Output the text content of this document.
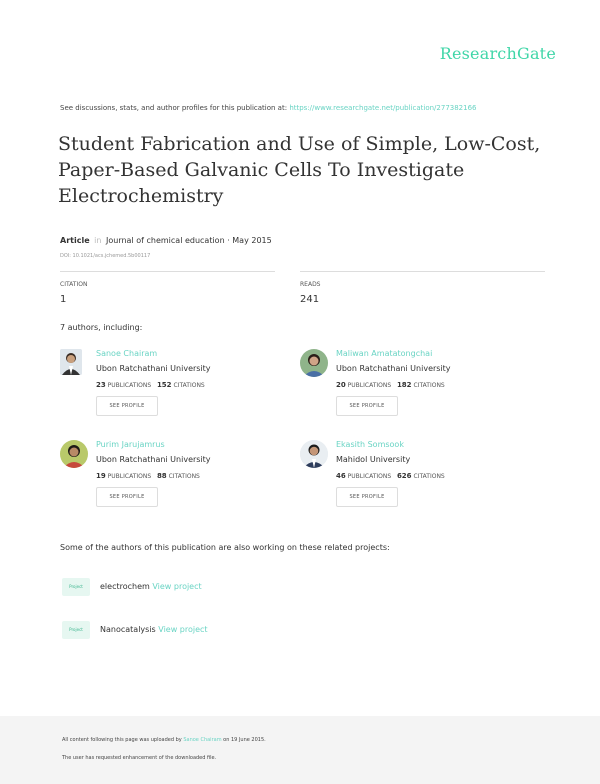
ResearchGate
See discussions, stats, and author profiles for this publication at: https://www.researchgate.net/publication/277382166
Student Fabrication and Use of Simple, Low-Cost, Paper-Based Galvanic Cells To Investigate Electrochemistry
Article in Journal of chemical education · May 2015
DOI: 10.1021/acs.jchemed.5b00117
CITATION
1
READS
241
7 authors, including:
Sanoe Chairam
Ubon Ratchathani University
23 PUBLICATIONS 152 CITATIONS
SEE PROFILE
Maliwan Amatatongchai
Ubon Ratchathani University
20 PUBLICATIONS 182 CITATIONS
SEE PROFILE
Purim Jarujamrus
Ubon Ratchathani University
19 PUBLICATIONS 88 CITATIONS
SEE PROFILE
Ekasith Somsook
Mahidol University
46 PUBLICATIONS 626 CITATIONS
SEE PROFILE
Some of the authors of this publication are also working on these related projects:
Project	electrochem View project
Project	Nanocatalysis View project
All content following this page was uploaded by Sanoe Chairam on 19 June 2015.
The user has requested enhancement of the downloaded file.
